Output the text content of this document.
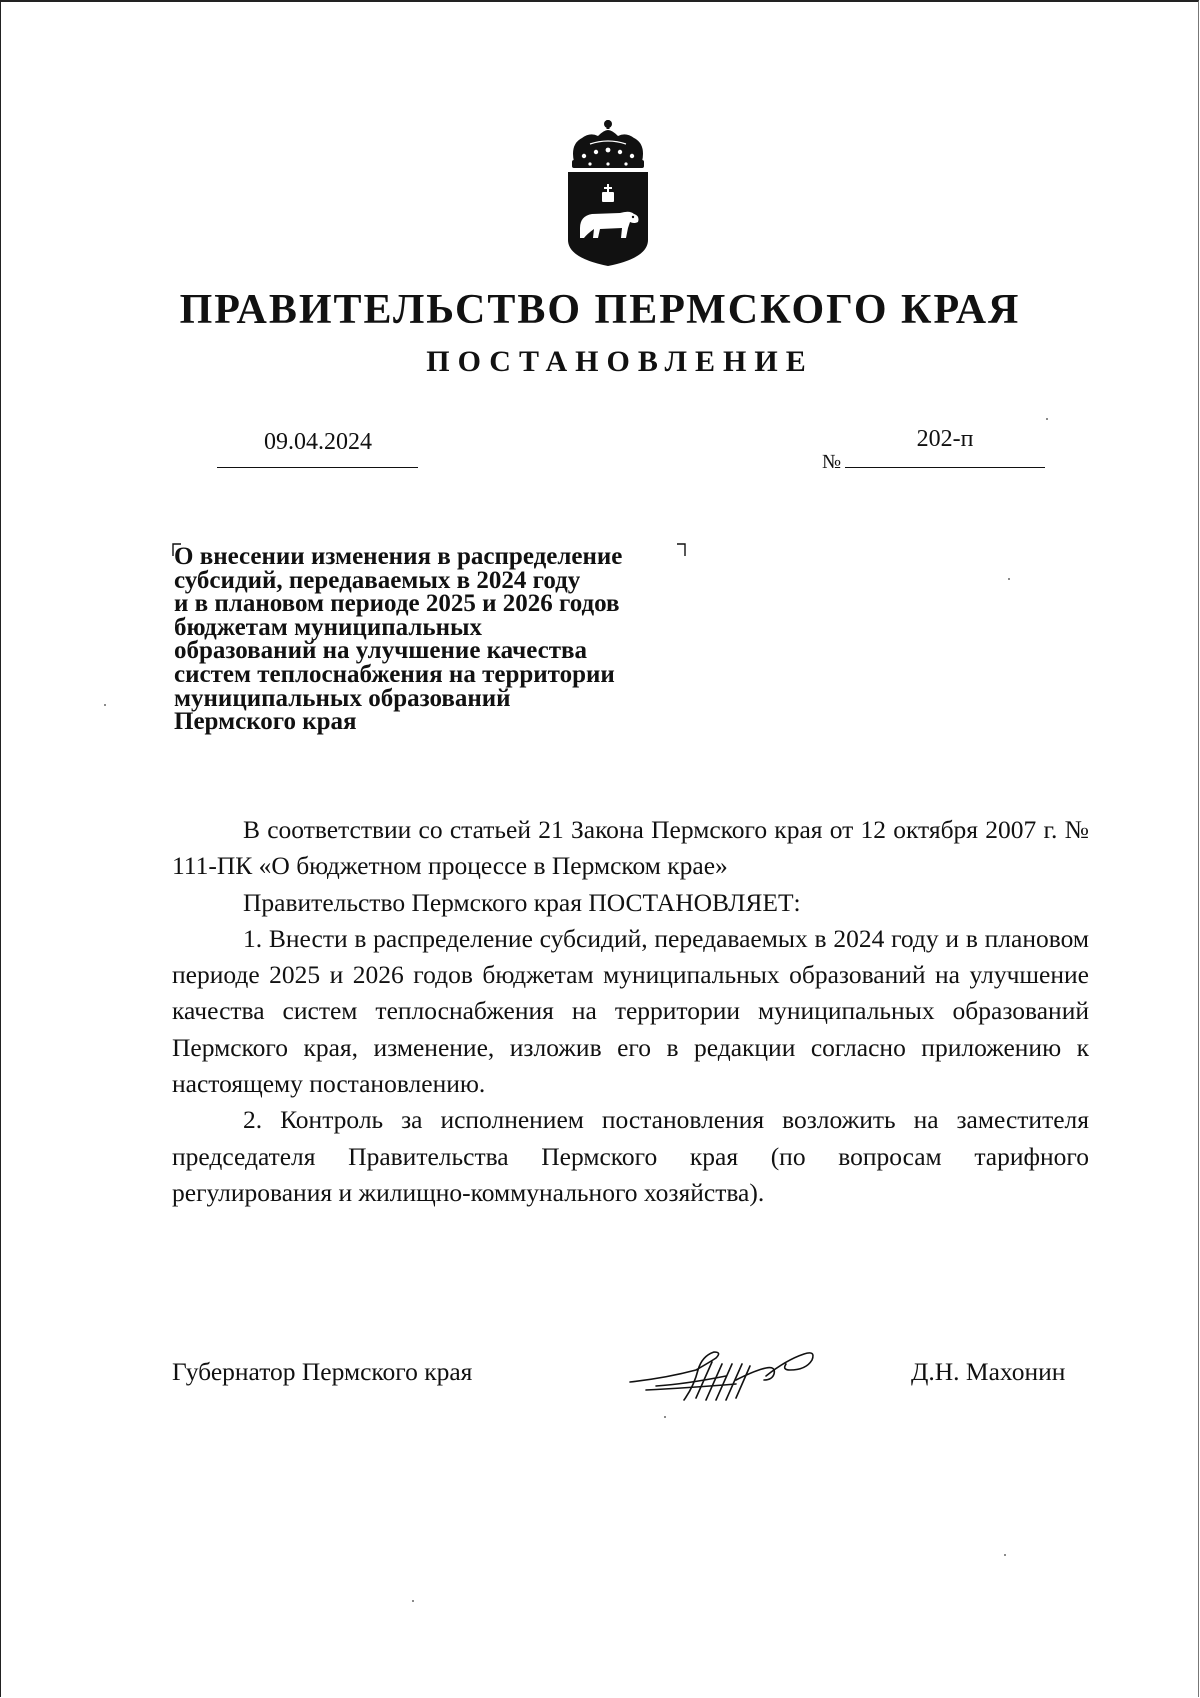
ПРАВИТЕЛЬСТВО ПЕРМСКОГО КРАЯ
ПОСТАНОВЛЕНИЕ
09.04.2024
№
202-п
О внесении изменения в распределение
субсидий, передаваемых в 2024 году
и в плановом периоде 2025 и 2026 годов
бюджетам муниципальных
образований на улучшение качества
систем теплоснабжения на территории
муниципальных образований
Пермского края

В соответствии со статьей 21 Закона Пермского края от 12 октября 2007 г. № 111-ПК «О бюджетном процессе в Пермском крае»

Правительство Пермского края ПОСТАНОВЛЯЕТ:

1. Внести в распределение субсидий, передаваемых в 2024 году и в плановом периоде 2025 и 2026 годов бюджетам муниципальных образований на улучшение качества систем теплоснабжения на территории муниципальных образований Пермского края, изменение, изложив его в редакции согласно приложению к настоящему постановлению.

2. Контроль за исполнением постановления возложить на заместителя председателя Правительства Пермского края (по вопросам тарифного регулирования и жилищно-коммунального хозяйства).

Губернатор Пермского края	Д.Н. Махонин
